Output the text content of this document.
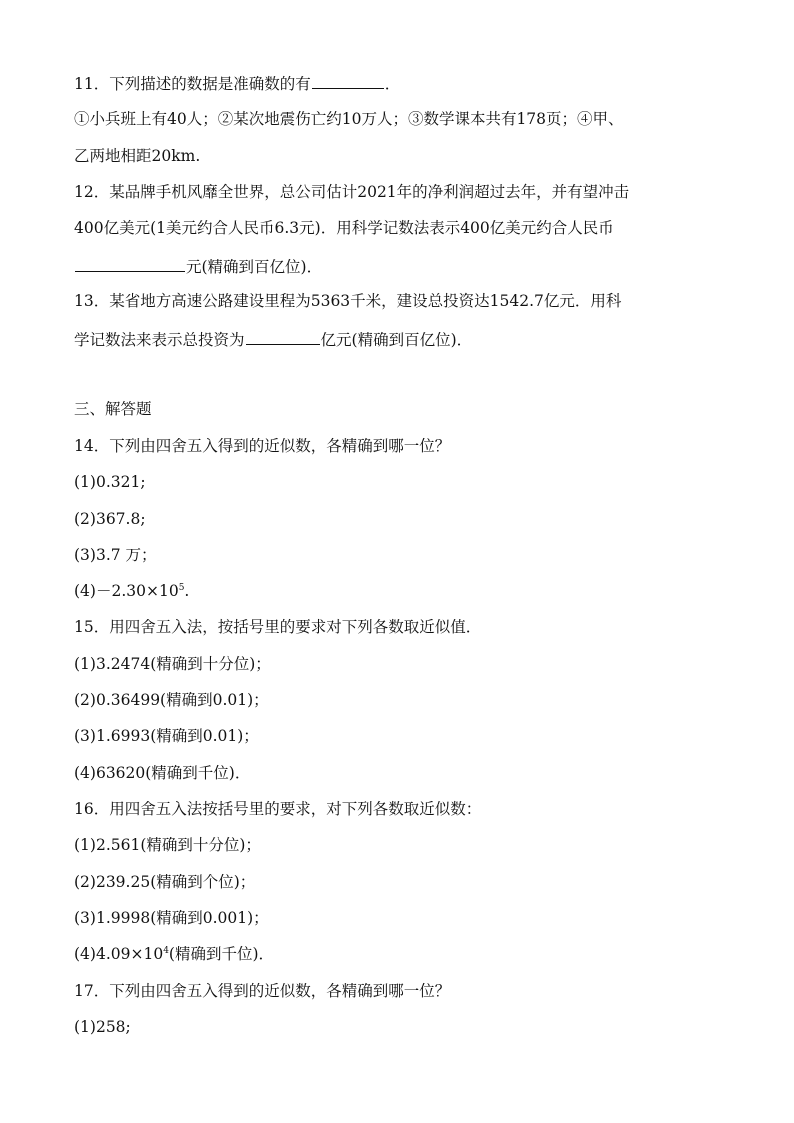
11．下列描述的数据是准确数的有	．

①小兵班上有40人；②某次地震伤亡约10万人；③数学课本共有178页；④甲、

乙两地相距20km.

12．某品牌手机风靡全世界，总公司估计2021年的净利润超过去年，并有望冲击

400亿美元(1美元约合人民币6.3元)．用科学记数法表示400亿美元约合人民币

元(精确到百亿位)．

13．某省地方高速公路建设里程为5363千米，建设总投资达1542.7亿元．用科

学记数法来表示总投资为	亿元(精确到百亿位)．

三、解答题

14．下列由四舍五入得到的近似数，各精确到哪一位？

(1)0.321;

(2)367.8;

(3)3.7 万；

$(4)-2.30\times 10^5$.

15．用四舍五入法，按括号里的要求对下列各数取近似值．

(1)3.2474(精确到十分位)；

(2)0.36499(精确到0.01)；

(3)1.6993(精确到0.01)；

(4)63620(精确到千位)．

16．用四舍五入法按括号里的要求，对下列各数取近似数：

(1)2.561(精确到十分位)；

(2)239.25(精确到个位)；

(3)1.9998(精确到0.001)；

$(4)4.09\times 10^4$(精确到千位)．

17．下列由四舍五入得到的近似数，各精确到哪一位？

(1)258;
